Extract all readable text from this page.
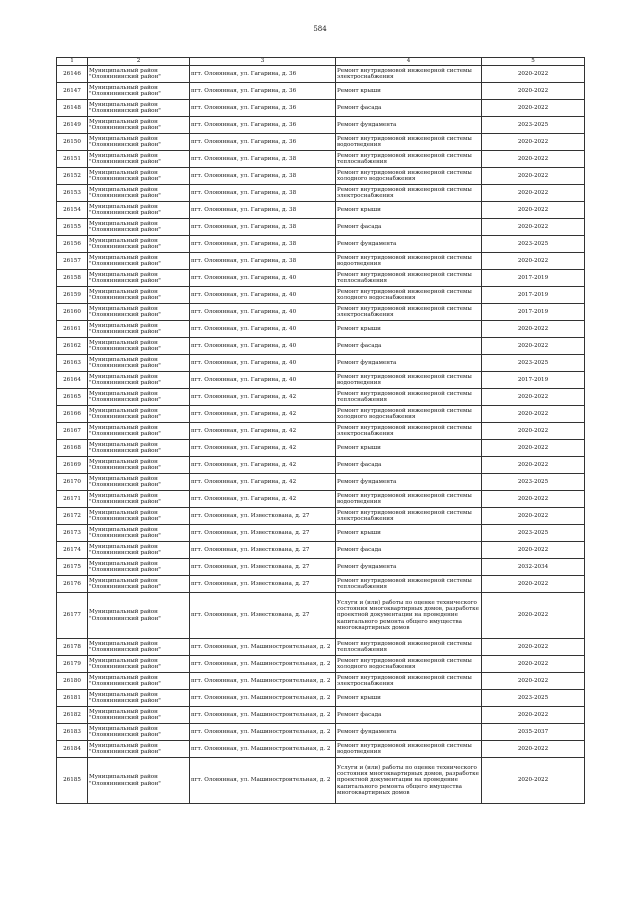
584
1	2	3	4	5
26146	Муниципальный район "Оловяннинский район"	пгт. Оловянная, ул. Гагарина, д. 36	Ремонт внутридомовой инженерной системы электроснабжения	2020-2022
26147	Муниципальный район "Оловяннинский район"	пгт. Оловянная, ул. Гагарина, д. 36	Ремонт крыши	2020-2022
26148	Муниципальный район "Оловяннинский район"	пгт. Оловянная, ул. Гагарина, д. 36	Ремонт фасада	2020-2022
26149	Муниципальный район "Оловяннинский район"	пгт. Оловянная, ул. Гагарина, д. 36	Ремонт фундамента	2023-2025
26150	Муниципальный район "Оловяннинский район"	пгт. Оловянная, ул. Гагарина, д. 36	Ремонт внутридомовой инженерной системы водоотведения	2020-2022
26151	Муниципальный район "Оловяннинский район"	пгт. Оловянная, ул. Гагарина, д. 38	Ремонт внутридомовой инженерной системы теплоснабжения	2020-2022
26152	Муниципальный район "Оловяннинский район"	пгт. Оловянная, ул. Гагарина, д. 38	Ремонт внутридомовой инженерной системы холодного водоснабжения	2020-2022
26153	Муниципальный район "Оловяннинский район"	пгт. Оловянная, ул. Гагарина, д. 38	Ремонт внутридомовой инженерной системы электроснабжения	2020-2022
26154	Муниципальный район "Оловяннинский район"	пгт. Оловянная, ул. Гагарина, д. 38	Ремонт крыши	2020-2022
26155	Муниципальный район "Оловяннинский район"	пгт. Оловянная, ул. Гагарина, д. 38	Ремонт фасада	2020-2022
26156	Муниципальный район "Оловяннинский район"	пгт. Оловянная, ул. Гагарина, д. 38	Ремонт фундамента	2023-2025
26157	Муниципальный район "Оловяннинский район"	пгт. Оловянная, ул. Гагарина, д. 38	Ремонт внутридомовой инженерной системы водоотведения	2020-2022
26158	Муниципальный район "Оловяннинский район"	пгт. Оловянная, ул. Гагарина, д. 40	Ремонт внутридомовой инженерной системы теплоснабжения	2017-2019
26159	Муниципальный район "Оловяннинский район"	пгт. Оловянная, ул. Гагарина, д. 40	Ремонт внутридомовой инженерной системы холодного водоснабжения	2017-2019
26160	Муниципальный район "Оловяннинский район"	пгт. Оловянная, ул. Гагарина, д. 40	Ремонт внутридомовой инженерной системы электроснабжения	2017-2019
26161	Муниципальный район "Оловяннинский район"	пгт. Оловянная, ул. Гагарина, д. 40	Ремонт крыши	2020-2022
26162	Муниципальный район "Оловяннинский район"	пгт. Оловянная, ул. Гагарина, д. 40	Ремонт фасада	2020-2022
26163	Муниципальный район "Оловяннинский район"	пгт. Оловянная, ул. Гагарина, д. 40	Ремонт фундамента	2023-2025
26164	Муниципальный район "Оловяннинский район"	пгт. Оловянная, ул. Гагарина, д. 40	Ремонт внутридомовой инженерной системы водоотведения	2017-2019
26165	Муниципальный район "Оловяннинский район"	пгт. Оловянная, ул. Гагарина, д. 42	Ремонт внутридомовой инженерной системы теплоснабжения	2020-2022
26166	Муниципальный район "Оловяннинский район"	пгт. Оловянная, ул. Гагарина, д. 42	Ремонт внутридомовой инженерной системы холодного водоснабжения	2020-2022
26167	Муниципальный район "Оловяннинский район"	пгт. Оловянная, ул. Гагарина, д. 42	Ремонт внутридомовой инженерной системы электроснабжения	2020-2022
26168	Муниципальный район "Оловяннинский район"	пгт. Оловянная, ул. Гагарина, д. 42	Ремонт крыши	2020-2022
26169	Муниципальный район "Оловяннинский район"	пгт. Оловянная, ул. Гагарина, д. 42	Ремонт фасада	2020-2022
26170	Муниципальный район "Оловяннинский район"	пгт. Оловянная, ул. Гагарина, д. 42	Ремонт фундамента	2023-2025
26171	Муниципальный район "Оловяннинский район"	пгт. Оловянная, ул. Гагарина, д. 42	Ремонт внутридомовой инженерной системы водоотведения	2020-2022
26172	Муниципальный район "Оловяннинский район"	пгт. Оловянная, ул. Известкована, д. 27	Ремонт внутридомовой инженерной системы электроснабжения	2020-2022
26173	Муниципальный район "Оловяннинский район"	пгт. Оловянная, ул. Известкована, д. 27	Ремонт крыши	2023-2025
26174	Муниципальный район "Оловяннинский район"	пгт. Оловянная, ул. Известкована, д. 27	Ремонт фасада	2020-2022
26175	Муниципальный район "Оловяннинский район"	пгт. Оловянная, ул. Известкована, д. 27	Ремонт фундамента	2032-2034
26176	Муниципальный район "Оловяннинский район"	пгт. Оловянная, ул. Известкована, д. 27	Ремонт внутридомовой инженерной системы теплоснабжения	2020-2022
26177	Муниципальный район "Оловяннинский район"	пгт. Оловянная, ул. Известкована, д. 27	Услуги и (или) работы по оценке технического состояния многоквартирных домов, разработке проектной документации на проведение капитального ремонта общего имущества многоквартирных домов	2020-2022
26178	Муниципальный район "Оловяннинский район"	пгт. Оловянная, ул. Машиностроительная, д. 2	Ремонт внутридомовой инженерной системы теплоснабжения	2020-2022
26179	Муниципальный район "Оловяннинский район"	пгт. Оловянная, ул. Машиностроительная, д. 2	Ремонт внутридомовой инженерной системы холодного водоснабжения	2020-2022
26180	Муниципальный район "Оловяннинский район"	пгт. Оловянная, ул. Машиностроительная, д. 2	Ремонт внутридомовой инженерной системы электроснабжения	2020-2022
26181	Муниципальный район "Оловяннинский район"	пгт. Оловянная, ул. Машиностроительная, д. 2	Ремонт крыши	2023-2025
26182	Муниципальный район "Оловяннинский район"	пгт. Оловянная, ул. Машиностроительная, д. 2	Ремонт фасада	2020-2022
26183	Муниципальный район "Оловяннинский район"	пгт. Оловянная, ул. Машиностроительная, д. 2	Ремонт фундамента	2035-2037
26184	Муниципальный район "Оловяннинский район"	пгт. Оловянная, ул. Машиностроительная, д. 2	Ремонт внутридомовой инженерной системы водоотведения	2020-2022
26185	Муниципальный район "Оловяннинский район"	пгт. Оловянная, ул. Машиностроительная, д. 2	Услуги и (или) работы по оценке технического состояния многоквартирных домов, разработке проектной документации на проведение капитального ремонта общего имущества многоквартирных домов	2020-2022
